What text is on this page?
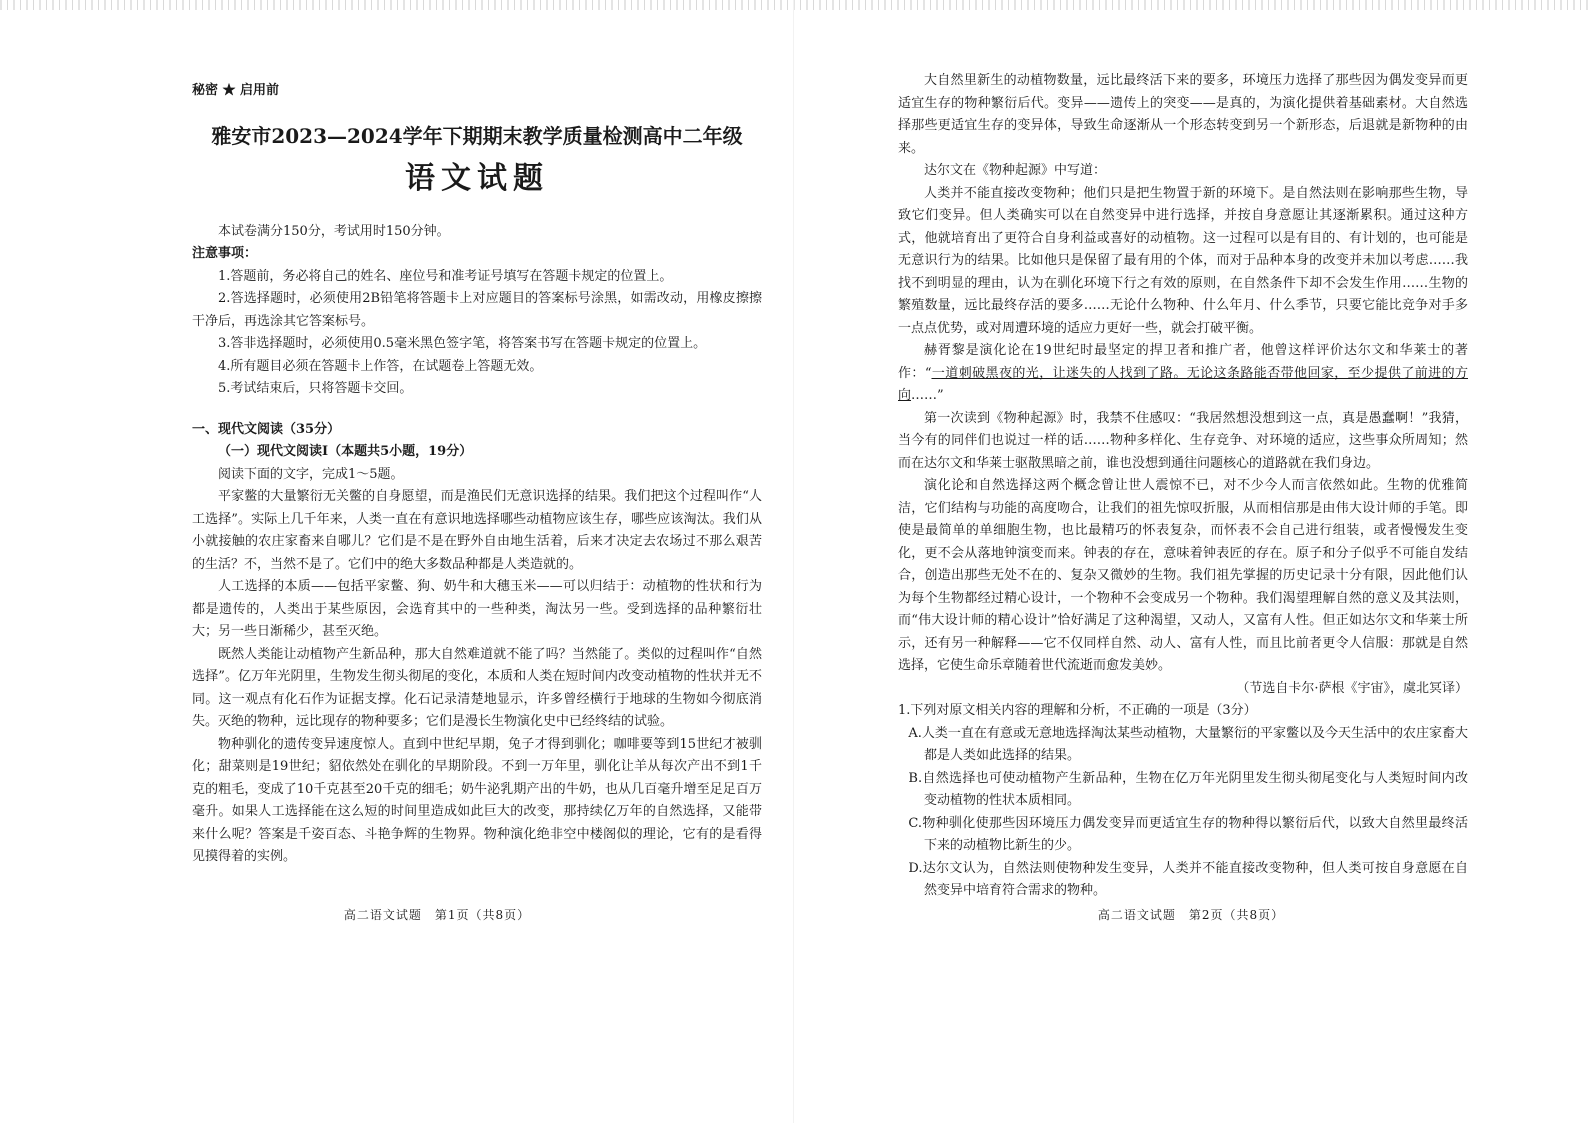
秘密 ★ 启用前
雅安市2023—2024学年下期期末教学质量检测高中二年级
语文试题

本试卷满分150分，考试用时150分钟。

注意事项：

1.答题前，务必将自己的姓名、座位号和准考证号填写在答题卡规定的位置上。

2.答选择题时，必须使用2B铅笔将答题卡上对应题目的答案标号涂黑，如需改动，用橡皮擦擦干净后，再选涂其它答案标号。

3.答非选择题时，必须使用0.5毫米黑色签字笔，将答案书写在答题卡规定的位置上。

4.所有题目必须在答题卡上作答，在试题卷上答题无效。

5.考试结束后，只将答题卡交回。

一、现代文阅读（35分）

（一）现代文阅读Ⅰ（本题共5小题，19分）

阅读下面的文字，完成1～5题。

平家鳖的大量繁衍无关鳖的自身愿望，而是渔民们无意识选择的结果。我们把这个过程叫作“人工选择”。实际上几千年来，人类一直在有意识地选择哪些动植物应该生存，哪些应该淘汰。我们从小就接触的农庄家畜来自哪儿？它们是不是在野外自由地生活着，后来才决定去农场过不那么艰苦的生活？不，当然不是了。它们中的绝大多数品种都是人类造就的。

人工选择的本质——包括平家鳖、狗、奶牛和大穗玉米——可以归结于：动植物的性状和行为都是遗传的，人类出于某些原因，会选育其中的一些种类，淘汰另一些。受到选择的品种繁衍壮大；另一些日渐稀少，甚至灭绝。

既然人类能让动植物产生新品种，那大自然难道就不能了吗？当然能了。类似的过程叫作“自然选择”。亿万年光阴里，生物发生彻头彻尾的变化，本质和人类在短时间内改变动植物的性状并无不同。这一观点有化石作为证据支撑。化石记录清楚地显示，许多曾经横行于地球的生物如今彻底消失。灭绝的物种，远比现存的物种要多；它们是漫长生物演化史中已经终结的试验。

物种驯化的遗传变异速度惊人。直到中世纪早期，兔子才得到驯化；咖啡要等到15世纪才被驯化；甜菜则是19世纪；貂依然处在驯化的早期阶段。不到一万年里，驯化让羊从每次产出不到1千克的粗毛，变成了10千克甚至20千克的细毛；奶牛泌乳期产出的牛奶，也从几百毫升增至足足百万毫升。如果人工选择能在这么短的时间里造成如此巨大的改变，那持续亿万年的自然选择，又能带来什么呢？答案是千姿百态、斗艳争辉的生物界。物种演化绝非空中楼阁似的理论，它有的是看得见摸得着的实例。

高二语文试题　第1页（共8页）

大自然里新生的动植物数量，远比最终活下来的要多，环境压力选择了那些因为偶发变异而更适宜生存的物种繁衍后代。变异——遗传上的突变——是真的，为演化提供着基础素材。大自然选择那些更适宜生存的变异体，导致生命逐渐从一个形态转变到另一个新形态，后退就是新物种的由来。

达尔文在《物种起源》中写道：

人类并不能直接改变物种；他们只是把生物置于新的环境下。是自然法则在影响那些生物，导致它们变异。但人类确实可以在自然变异中进行选择，并按自身意愿让其逐渐累积。通过这种方式，他就培育出了更符合自身利益或喜好的动植物。这一过程可以是有目的、有计划的，也可能是无意识行为的结果。比如他只是保留了最有用的个体，而对于品种本身的改变并未加以考虑……我找不到明显的理由，认为在驯化环境下行之有效的原则，在自然条件下却不会发生作用……生物的繁殖数量，远比最终存活的要多……无论什么物种、什么年月、什么季节，只要它能比竞争对手多一点点优势，或对周遭环境的适应力更好一些，就会打破平衡。

赫胥黎是演化论在19世纪时最坚定的捍卫者和推广者，他曾这样评价达尔文和华莱士的著作：“一道刺破黑夜的光，让迷失的人找到了路。无论这条路能否带他回家，至少提供了前进的方向……”

第一次读到《物种起源》时，我禁不住感叹：“我居然想没想到这一点，真是愚蠢啊！”我猜，当今有的同伴们也说过一样的话……物种多样化、生存竞争、对环境的适应，这些事众所周知；然而在达尔文和华莱士驱散黑暗之前，谁也没想到通往问题核心的道路就在我们身边。

演化论和自然选择这两个概念曾让世人震惊不已，对不少今人而言依然如此。生物的优雅简洁，它们结构与功能的高度吻合，让我们的祖先惊叹折服，从而相信那是由伟大设计师的手笔。即使是最简单的单细胞生物，也比最精巧的怀表复杂，而怀表不会自己进行组装，或者慢慢发生变化，更不会从落地钟演变而来。钟表的存在，意味着钟表匠的存在。原子和分子似乎不可能自发结合，创造出那些无处不在的、复杂又微妙的生物。我们祖先掌握的历史记录十分有限，因此他们认为每个生物都经过精心设计，一个物种不会变成另一个物种。我们渴望理解自然的意义及其法则，而“伟大设计师的精心设计”恰好满足了这种渴望，又动人，又富有人性。但正如达尔文和华莱士所示，还有另一种解释——它不仅同样自然、动人、富有人性，而且比前者更令人信服：那就是自然选择，它使生命乐章随着世代流逝而愈发美妙。

（节选自卡尔·萨根《宇宙》，虞北冥译）

1.下列对原文相关内容的理解和分析，不正确的一项是（3分）

A.人类一直在有意或无意地选择淘汰某些动植物，大量繁衍的平家鳖以及今天生活中的农庄家畜大都是人类如此选择的结果。

B.自然选择也可使动植物产生新品种，生物在亿万年光阴里发生彻头彻尾变化与人类短时间内改变动植物的性状本质相同。

C.物种驯化使那些因环境压力偶发变异而更适宜生存的物种得以繁衍后代，以致大自然里最终活下来的动植物比新生的少。

D.达尔文认为，自然法则使物种发生变异，人类并不能直接改变物种，但人类可按自身意愿在自然变异中培育符合需求的物种。

高二语文试题　第2页（共8页）
